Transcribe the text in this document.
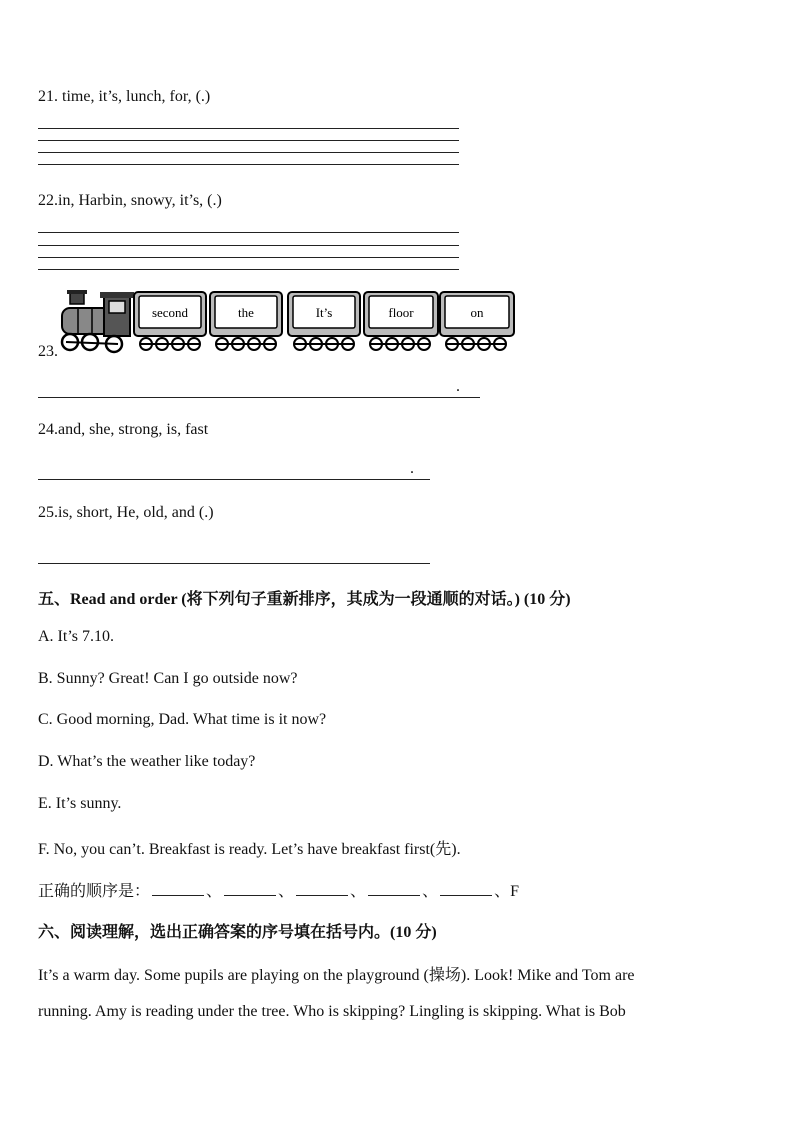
21. time, it’s, lunch, for, (.)
22.in, Harbin, snowy, it’s, (.)
23.
second	the	It’s	floor	on
.
24.and, she, strong, is, fast
.
25.is, short, He, old, and (.)
五、Read and order (将下列句子重新排序，其成为一段通顺的对话。) (10 分)
A. It’s 7.10.
B. Sunny? Great! Can I go outside now?
C. Good morning, Dad. What time is it now?
D. What’s the weather like today?
E. It’s sunny.
F. No, you can’t. Breakfast is ready. Let’s have breakfast first(先).
正确的顺序是：	、	、	、	、	、F
六、阅读理解，选出正确答案的序号填在括号内。(10 分)
It’s a warm day. Some pupils are playing on the playground (操场). Look! Mike and Tom are
running. Amy is reading under the tree. Who is skipping? Lingling is skipping. What is Bob
